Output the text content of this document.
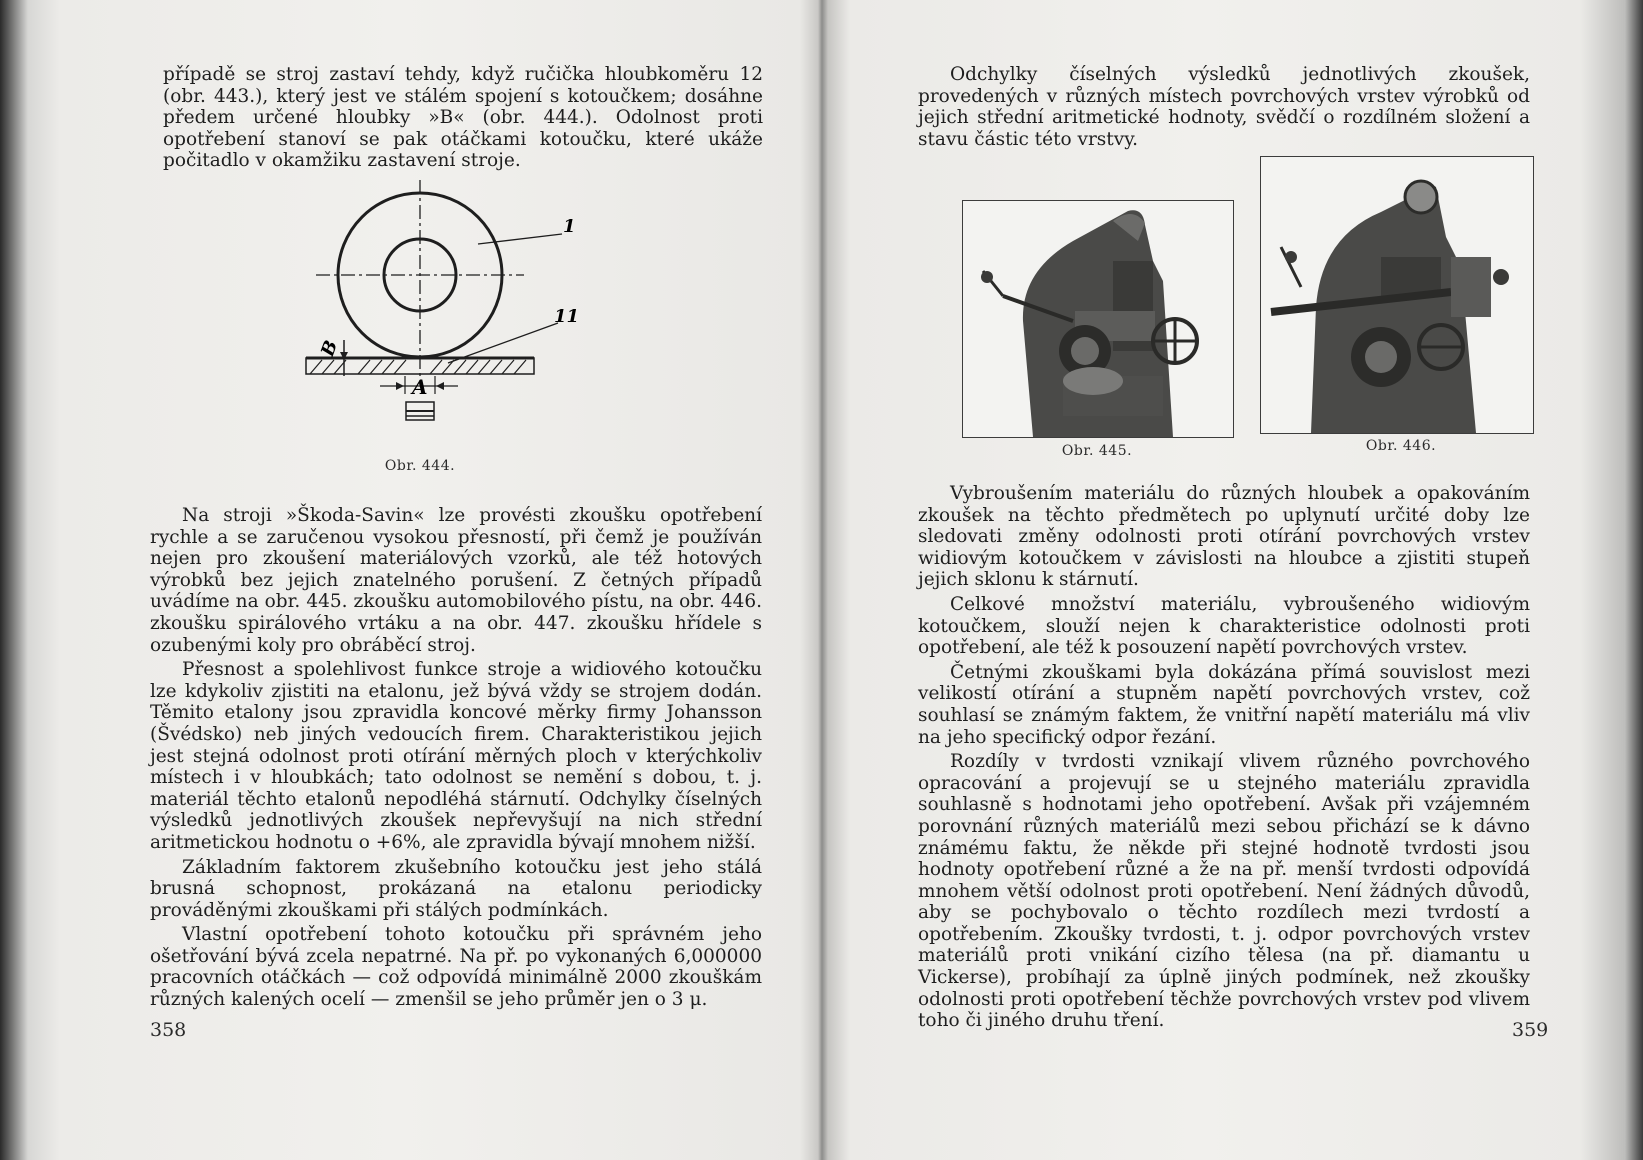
případě se stroj zastaví tehdy, když ručička hloubkoměru 12 (obr. 443.), který jest ve stálém spojení s kotoučkem; dosáhne předem určené hloubky »B« (obr. 444.). Odolnost proti opotřebení stanoví se pak otáčkami kotoučku, které ukáže počitadlo v okamžiku zastavení stroje.

1
11
B
A
Obr. 444.

Na stroji »Škoda-Savin« lze provésti zkoušku opotřebení rychle a se zaručenou vysokou přesností, při čemž je používán nejen pro zkoušení materiálových vzorků, ale též hotových výrobků bez jejich znatelného porušení. Z četných případů uvádíme na obr. 445. zkoušku automobilového pístu, na obr. 446. zkoušku spirálového vrtáku a na obr. 447. zkoušku hřídele s ozubenými koly pro obráběcí stroj.

Přesnost a spolehlivost funkce stroje a widiového kotoučku lze kdykoliv zjistiti na etalonu, jež bývá vždy se strojem dodán. Těmito etalony jsou zpravidla koncové měrky firmy Johansson (Švédsko) neb jiných vedoucích firem. Charakteristikou jejich jest stejná odolnost proti otírání měrných ploch v kterýchkoliv místech i v hloubkách; tato odolnost se nemění s dobou, t. j. materiál těchto etalonů nepodléhá stárnutí. Odchylky číselných výsledků jednotlivých zkoušek nepřevyšují na nich střední aritmetickou hodnotu o +6%, ale zpravidla bývají mnohem nižší.

Základním faktorem zkušebního kotoučku jest jeho stálá brusná schopnost, prokázaná na etalonu periodicky prováděnými zkouškami při stálých podmínkách.

Vlastní opotřebení tohoto kotoučku při správném jeho ošetřování bývá zcela nepatrné. Na př. po vykonaných 6,000000 pracovních otáčkách — což odpovídá minimálně 2000 zkouškám různých kalených ocelí — zmenšil se jeho průměr jen o 3 μ.

358

Odchylky číselných výsledků jednotlivých zkoušek, provedených v různých místech povrchových vrstev výrobků od jejich střední aritmetické hodnoty, svědčí o rozdílném složení a stavu částic této vrstvy.

Obr. 445.	Obr. 446.

Vybroušením materiálu do různých hloubek a opakováním zkoušek na těchto předmětech po uplynutí určité doby lze sledovati změny odolnosti proti otírání povrchových vrstev widiovým kotoučkem v závislosti na hloubce a zjistiti stupeň jejich sklonu k stárnutí.

Celkové množství materiálu, vybroušeného widiovým kotoučkem, slouží nejen k charakteristice odolnosti proti opotřebení, ale též k posouzení napětí povrchových vrstev.

Četnými zkouškami byla dokázána přímá souvislost mezi velikostí otírání a stupněm napětí povrchových vrstev, což souhlasí se známým faktem, že vnitřní napětí materiálu má vliv na jeho specifický odpor řezání.

Rozdíly v tvrdosti vznikají vlivem různého povrchového opracování a projevují se u stejného materiálu zpravidla souhlasně s hodnotami jeho opotřebení. Avšak při vzájemném porovnání různých materiálů mezi sebou přichází se k dávno známému faktu, že někde při stejné hodnotě tvrdosti jsou hodnoty opotřebení různé a že na př. menší tvrdosti odpovídá mnohem větší odolnost proti opotřebení. Není žádných důvodů, aby se pochybovalo o těchto rozdílech mezi tvrdostí a opotřebením. Zkoušky tvrdosti, t. j. odpor povrchových vrstev materiálů proti vnikání cizího tělesa (na př. diamantu u Vickerse), probíhají za úplně jiných podmínek, než zkoušky odolnosti proti opotřebení těchže povrchových vrstev pod vlivem toho či jiného druhu tření.	359
